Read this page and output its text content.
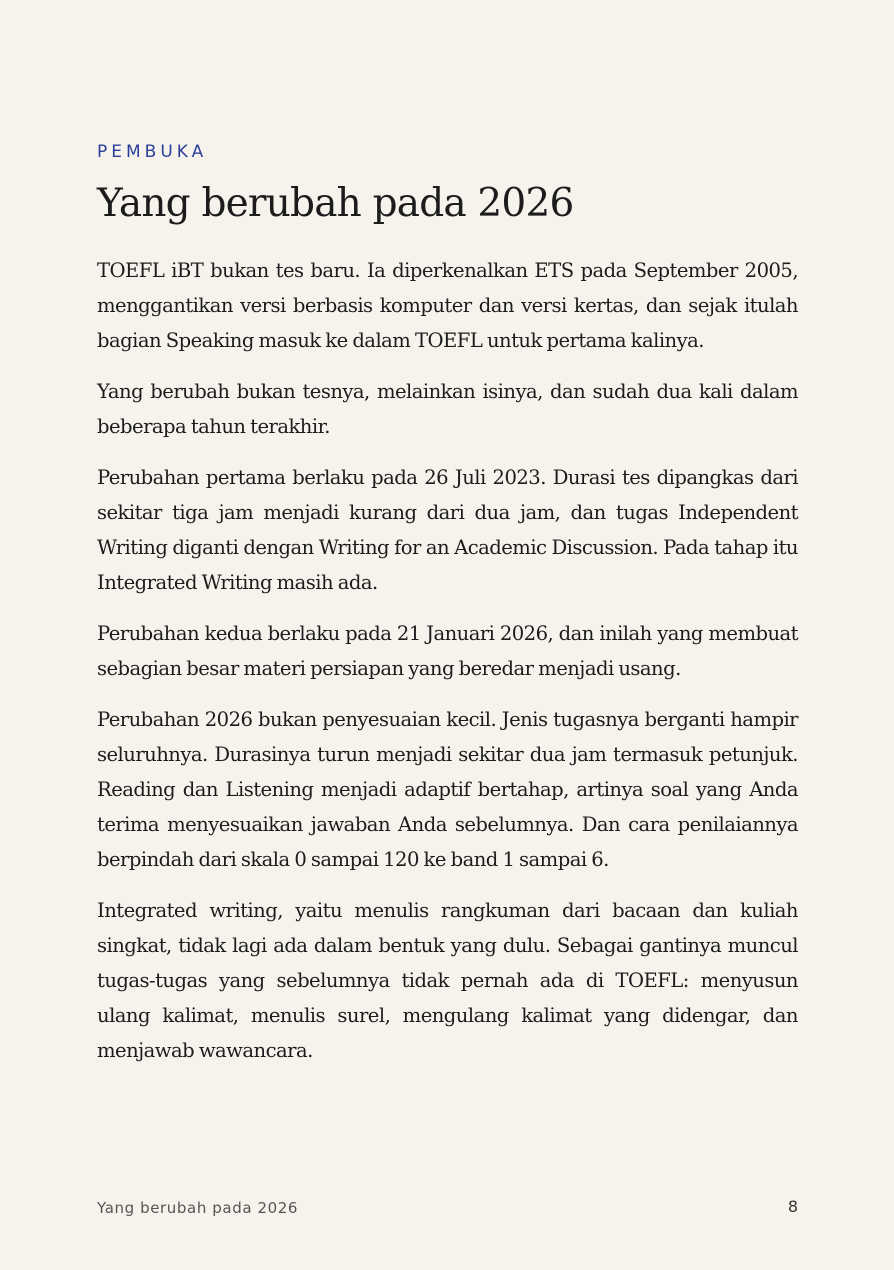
PEMBUKA
Yang berubah pada 2026

TOEFL iBT bukan tes baru. Ia diperkenalkan ETS pada September 2005, menggantikan versi berbasis komputer dan versi kertas, dan sejak itulah bagian Speaking masuk ke dalam TOEFL untuk pertama kalinya.

Yang berubah bukan tesnya, melainkan isinya, dan sudah dua kali dalam beberapa tahun terakhir.

Perubahan pertama berlaku pada 26 Juli 2023. Durasi tes dipangkas dari sekitar tiga jam menjadi kurang dari dua jam, dan tugas Independent Writing diganti dengan Writing for an Academic Discussion. Pada tahap itu Integrated Writing masih ada.

Perubahan kedua berlaku pada 21 Januari 2026, dan inilah yang membuat sebagian besar materi persiapan yang beredar menjadi usang.

Perubahan 2026 bukan penyesuaian kecil. Jenis tugasnya berganti hampir seluruhnya. Durasinya turun menjadi sekitar dua jam termasuk petunjuk. Reading dan Listening menjadi adaptif bertahap, artinya soal yang Anda terima menyesuaikan jawaban Anda sebelumnya. Dan cara penilaiannya berpindah dari skala 0 sampai 120 ke band 1 sampai 6.

Integrated writing, yaitu menulis rangkuman dari bacaan dan kuliah singkat, tidak lagi ada dalam bentuk yang dulu. Sebagai gantinya muncul tugas-tugas yang sebelumnya tidak pernah ada di TOEFL: menyusun ulang kalimat, menulis surel, mengulang kalimat yang didengar, dan menjawab wawancara.

Yang berubah pada 2026	8
